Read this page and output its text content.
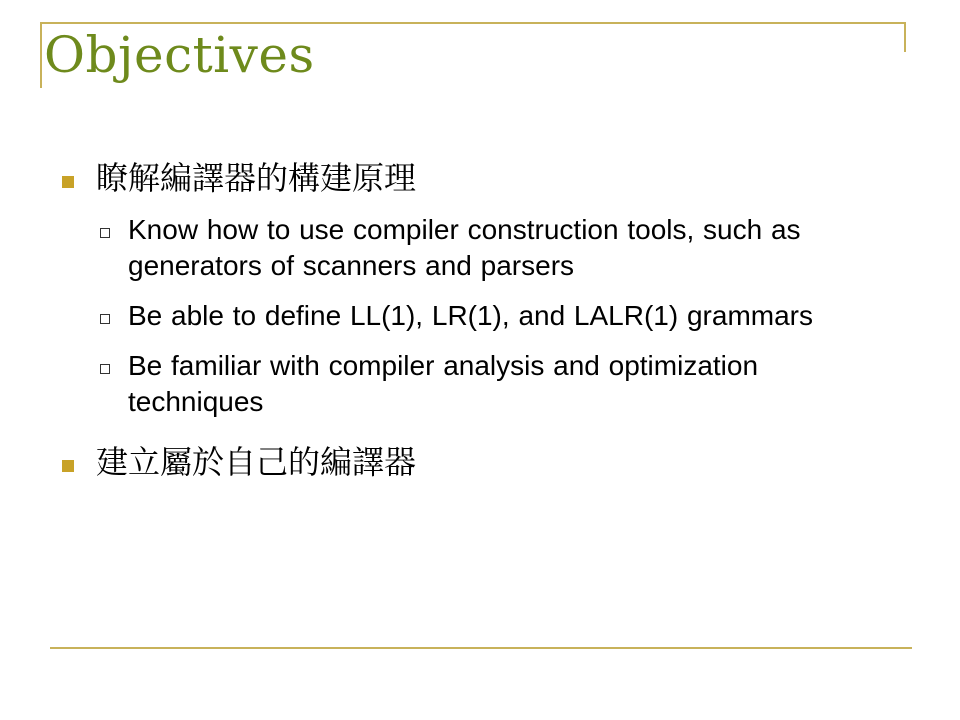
Objectives
瞭解編譯器的構建原理
Know how to use compiler construction tools, such as generators of scanners and parsers
Be able to define LL(1), LR(1), and LALR(1) grammars
Be familiar with compiler analysis and optimization techniques
建立屬於自己的編譯器
